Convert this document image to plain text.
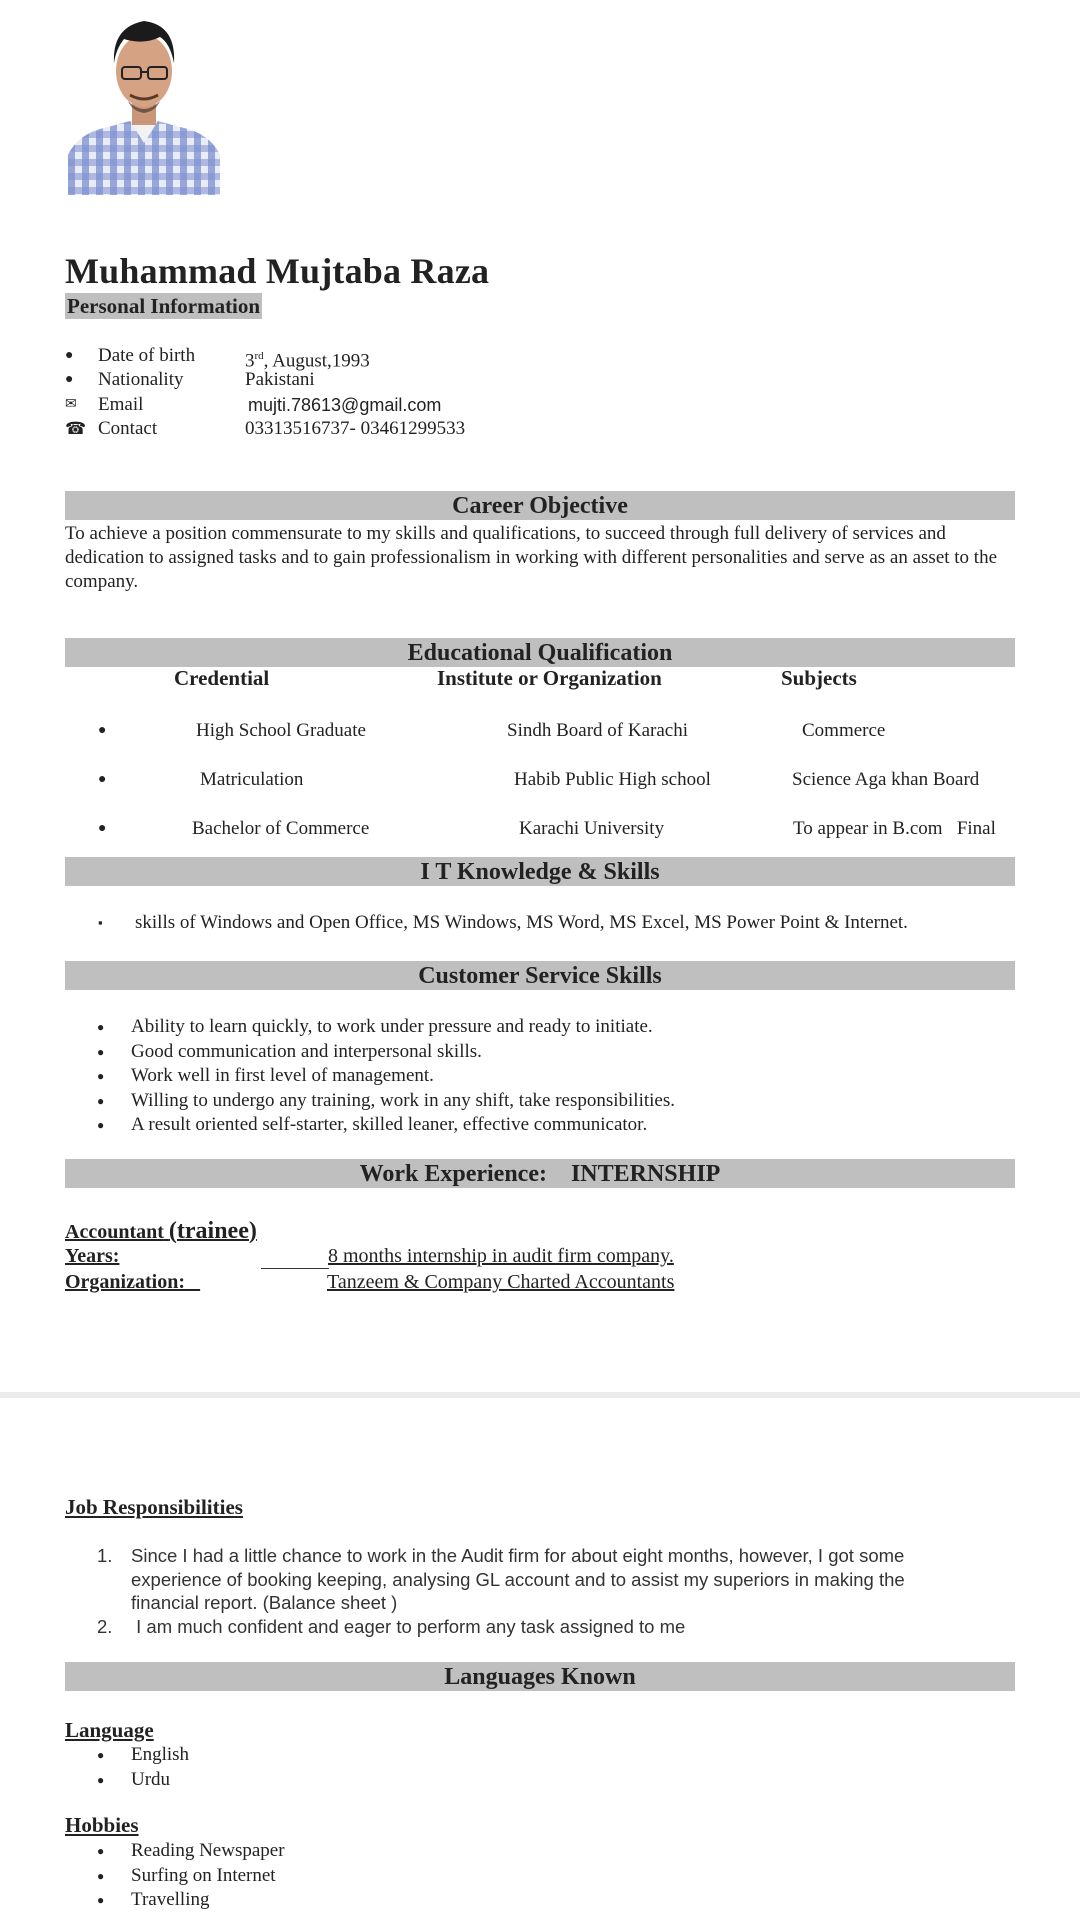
Muhammad Mujtaba Raza
Personal Information
●	Date of birth	3rd, August,1993
●	Nationality	Pakistani
✉	Email	mujti.78613@gmail.com
☎ Contact	03313516737- 03461299533
Career Objective
To achieve a position commensurate to my skills and qualifications, to succeed through full delivery of services and dedication to assigned tasks and to gain professionalism in working with different personalities and serve as an asset to the company.
Educational Qualification
Credential	Institute or Organization	Subjects
●	High School Graduate	Sindh Board of Karachi	Commerce
●	Matriculation	Habib Public High school	Science Aga khan Board
●	Bachelor of Commerce	Karachi University	To appear in B.com   Final
I T Knowledge & Skills
▪ skills of Windows and Open Office, MS Windows, MS Word, MS Excel, MS Power Point & Internet.
Customer Service Skills
● Ability to learn quickly, to work under pressure and ready to initiate.
● Good communication and interpersonal skills.
● Work well in first level of management.
● Willing to undergo any training, work in any shift, take responsibilities.
● A result oriented self-starter, skilled leaner, effective communicator.
Work Experience:    INTERNSHIP
Accountant (trainee)
Years:	8 months internship in audit firm company.
Organization: _	Tanzeem & Company Charted Accountants
Job Responsibilities
1. Since I had a little chance to work in the Audit firm for about eight months, however, I got some experience of booking keeping, analysing GL account and to assist my superiors in making the financial report. (Balance sheet )
2. I am much confident and eager to perform any task assigned to me
Languages Known
Language
● English
● Urdu
Hobbies
● Reading Newspaper
● Surfing on Internet
● Travelling
